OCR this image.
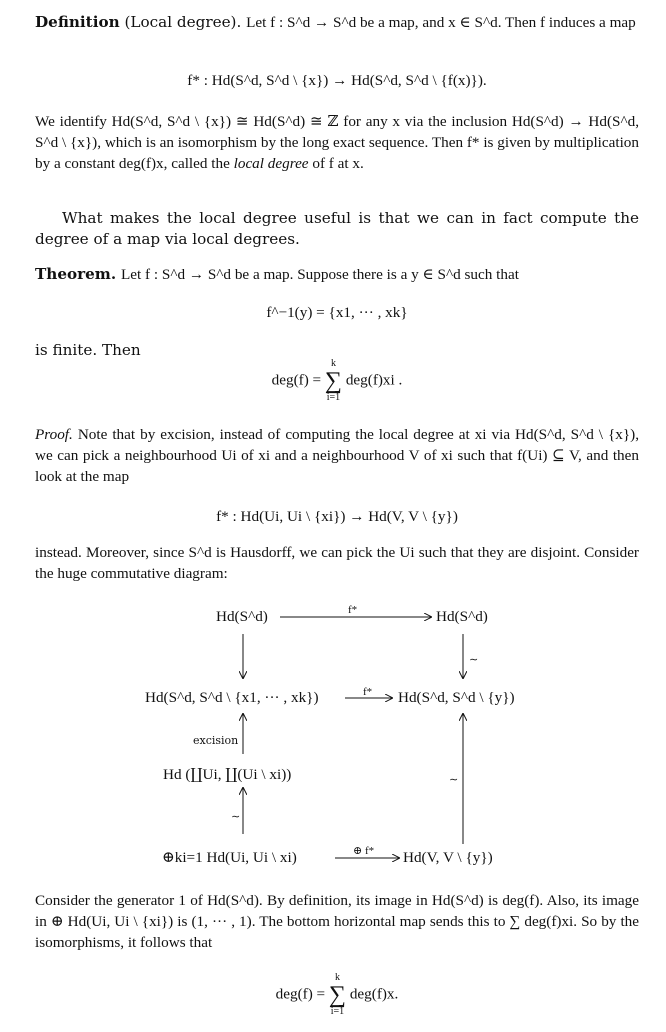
Definition (Local degree). Let f : S^d → S^d be a map, and x ∈ S^d. Then f induces a map

f* : Hd(S^d, S^d \ {x}) → Hd(S^d, S^d \ {f(x)}).

We identify Hd(S^d, S^d \ {x}) ≅ Hd(S^d) ≅ ℤ for any x via the inclusion Hd(S^d) → Hd(S^d, S^d \ {x}), which is an isomorphism by the long exact sequence. Then f* is given by multiplication by a constant deg(f)x, called the local degree of f at x.

What makes the local degree useful is that we can in fact compute the degree of a map via local degrees.

Theorem. Let f : S^d → S^d be a map. Suppose there is a y ∈ S^d such that

f^−1(y) = {x1, ··· , xk}

is finite. Then

deg(f) =
k
∑
i=1
deg(f)xi .

Proof. Note that by excision, instead of computing the local degree at xi via Hd(S^d, S^d \ {x}), we can pick a neighbourhood Ui of xi and a neighbourhood V of xi such that f(Ui) ⊆ V, and then look at the map

f* : Hd(Ui, Ui \ {xi}) → Hd(V, V \ {y})

instead. Moreover, since S^d is Hausdorff, we can pick the Ui such that they are disjoint. Consider the huge commutative diagram:

Hd(S^d)	Hd(S^d)
Hd(S^d, S^d \ {x1, ··· , xk})	Hd(S^d, S^d \ {y})
Hd (∐Ui, ∐(Ui \ xi))
⊕ki=1 Hd(Ui, Ui \ xi)	Hd(V, V \ {y})
f*
f*
⊕ f*
excision
∼
∼
∼

Consider the generator 1 of Hd(S^d). By definition, its image in Hd(S^d) is deg(f). Also, its image in ⊕ Hd(Ui, Ui \ {xi}) is (1, ··· , 1). The bottom horizontal map sends this to ∑ deg(f)xi. So by the isomorphisms, it follows that

deg(f) =
k
∑
i=1
deg(f)x.
